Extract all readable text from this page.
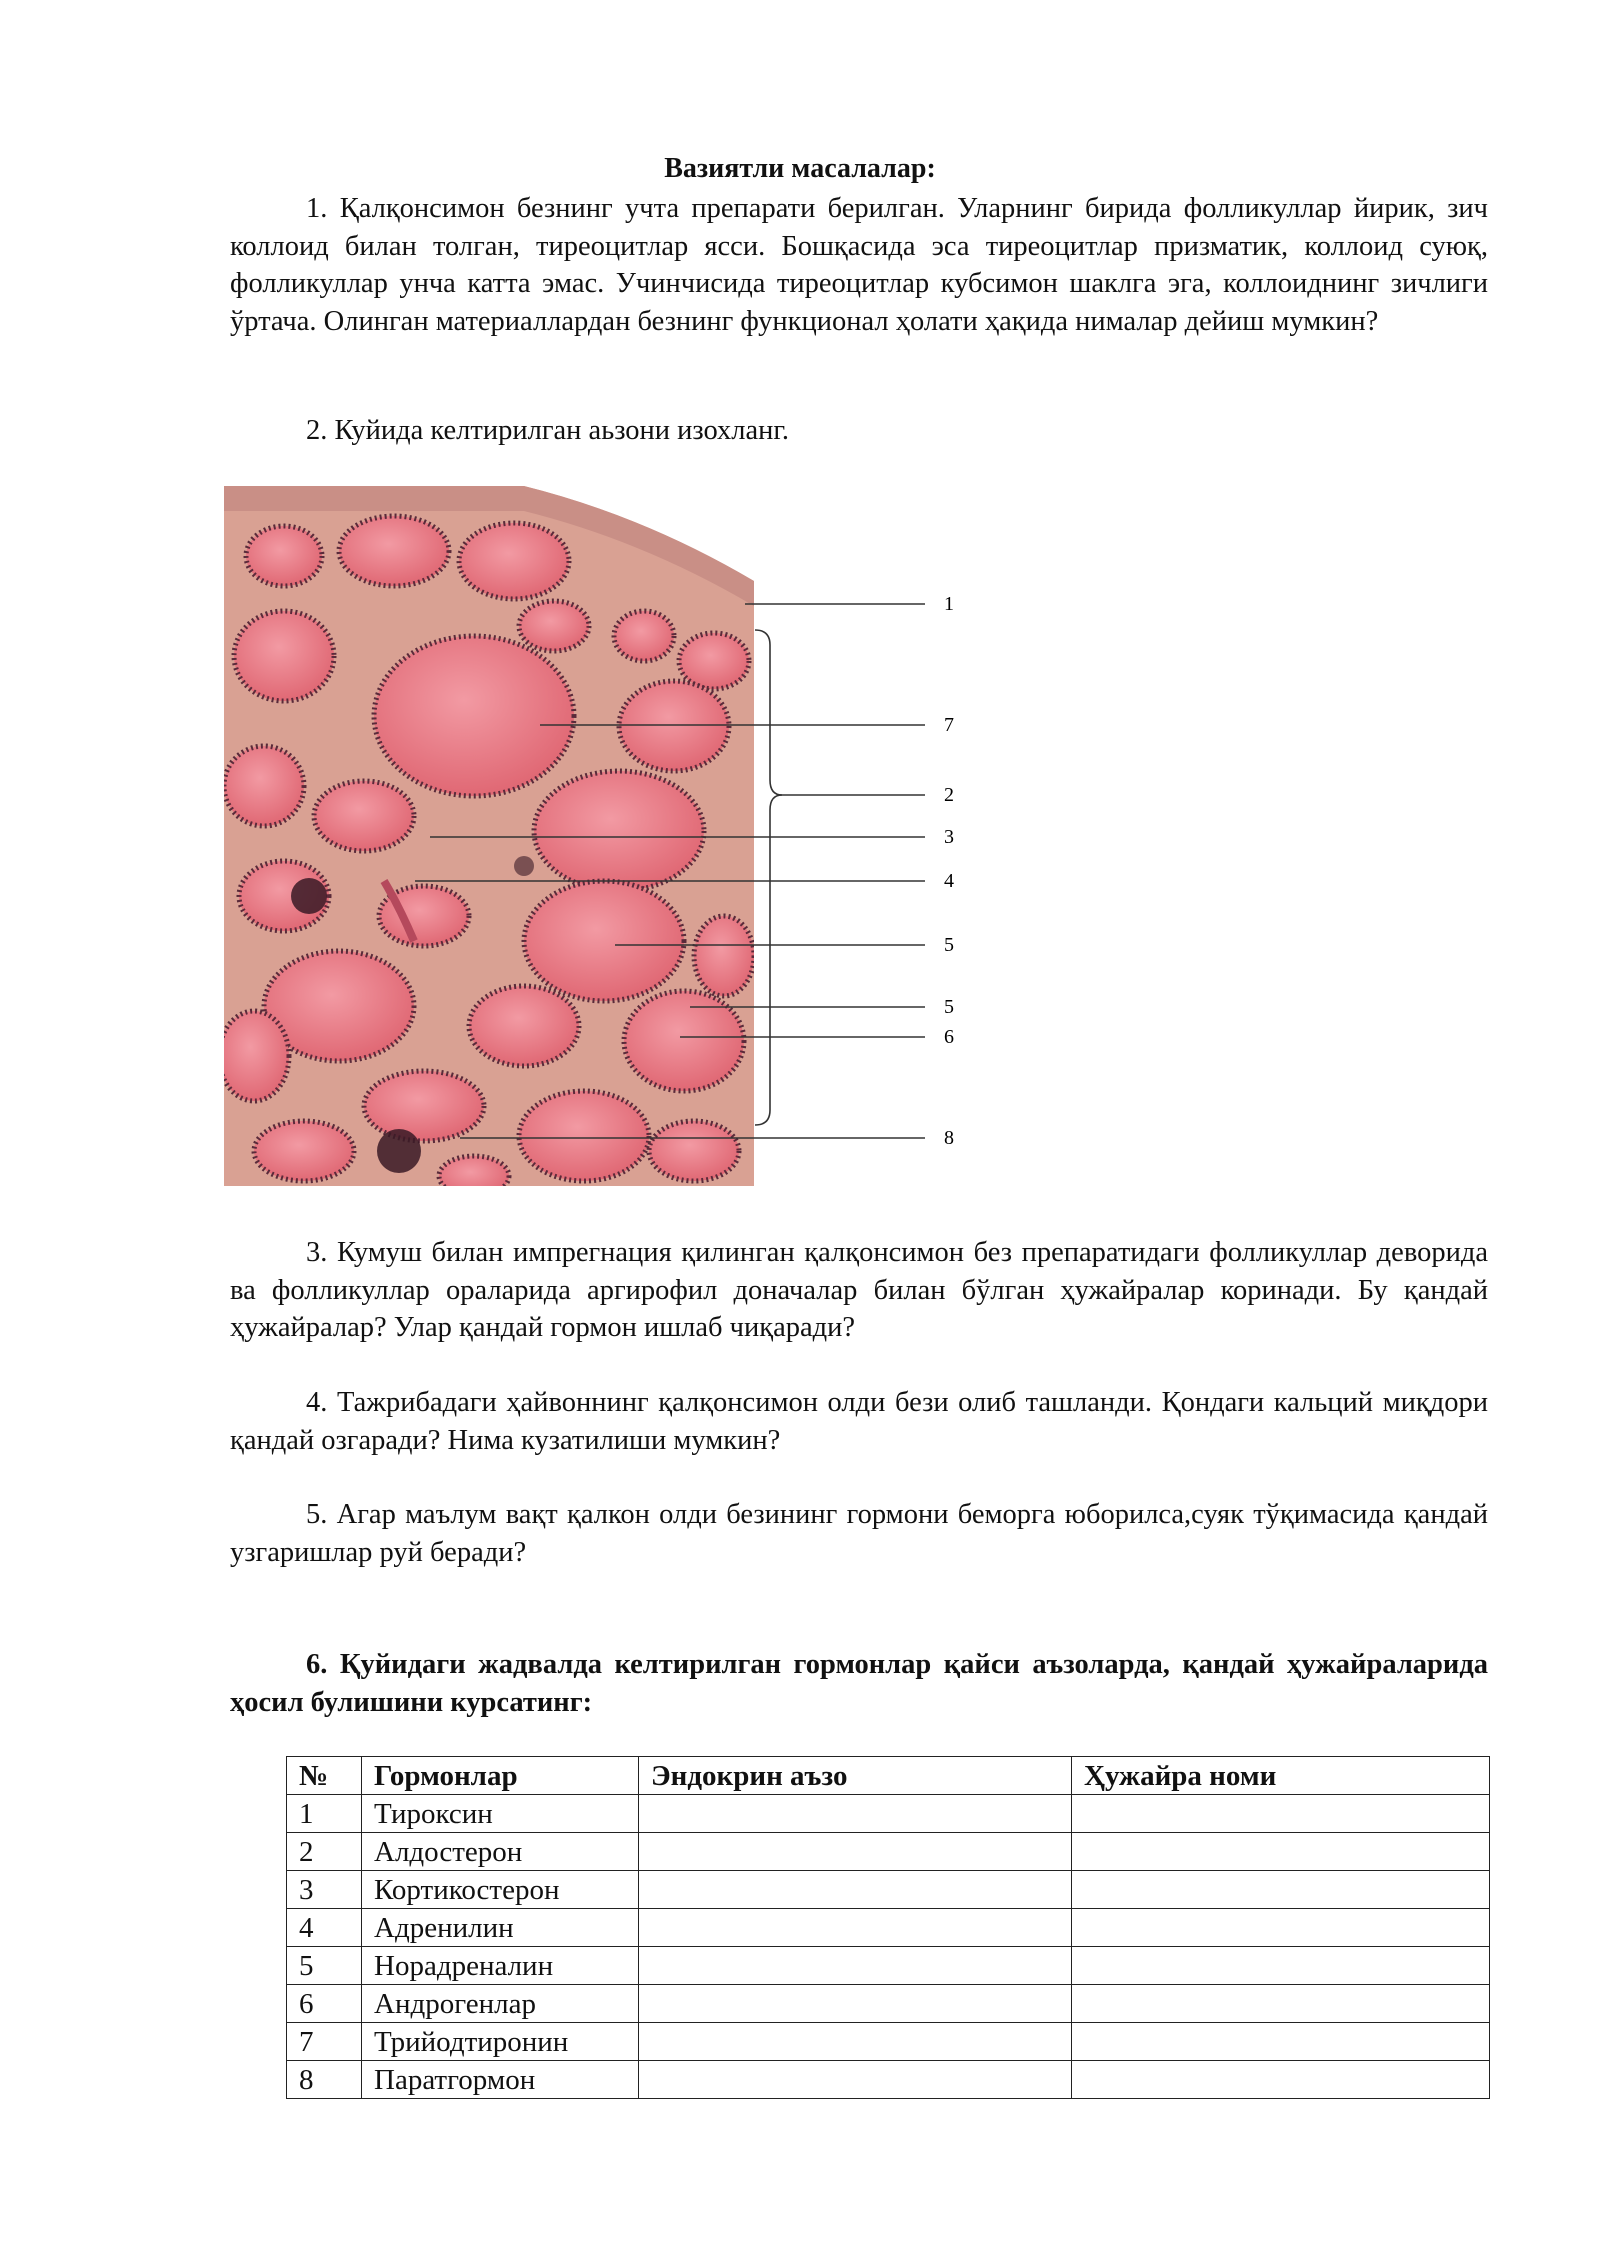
Вазиятли масалалар:

1. Қалқонсимон безнинг учта препарати берилган. Уларнинг бирида фолликуллар йирик, зич коллоид билан толган, тиреоцитлар ясси. Бошқасида эса тиреоцитлар призматик, коллоид суюқ, фолликуллар унча катта эмас. Учинчисида тиреоцитлар кубсимон шаклга эга, коллоиднинг зичлиги ўртача. Олинган материаллардан безнинг функционал ҳолати ҳақида нималар дейиш мумкин?

2. Куйида келтирилган аьзони изохланг.

1
7
2
3
4
5
5
6
8

3. Кумуш билан импрегнация қилинган қалқонсимон без препаратидаги фолликуллар деворида ва фолликуллар ораларида аргирофил доначалар билан бўлган ҳужайралар коринади. Бу қандай ҳужайралар? Улар қандай гормон ишлаб чиқаради?

4. Тажрибадаги ҳайвоннинг қалқонсимон олди бези олиб ташланди. Қондаги кальций миқдори қандай озгаради? Нима кузатилиши мумкин?

5. Агар маълум вақт қалкон олди безининг гормони беморга юборилса,суяк тўқимасида қандай узгаришлар руй беради?

6. Қуйидаги жадвалда келтирилган гормонлар қайси аъзоларда, қандай ҳужайраларида ҳосил булишини курсатинг:

№	Гормонлар	Эндокрин аъзо	Ҳужайра номи
1	Тироксин		
2	Алдостерон		
3	Кортикостерон		
4	Адренилин		
5	Норадреналин		
6	Андрогенлар		
7	Трийодтиронин		
8	Паратгормон		
